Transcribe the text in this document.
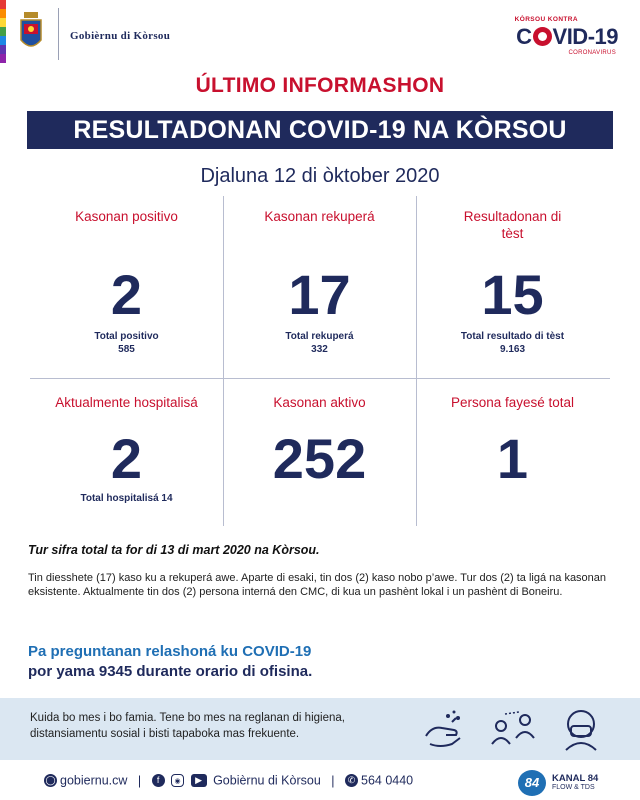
Gobièrnu di Kòrsou
KÒRSOU KONTRA
C VID-19
CORONAVIRUS
ÚLTIMO INFORMASHON
RESULTADONAN COVID-19 NA KÒRSOU
Djaluna 12 di òktober 2020
Kasonan positivo
2
Total positivo
585
Kasonan rekuperá
17
Total rekuperá
332
Resultadonan di tèst
15
Total resultado di tèst
9.163
Aktualmente hospitalisá
2
Total hospitalisá 14
Kasonan aktivo
252
Persona fayesé total
1
Tur sifra total ta for di 13 di mart 2020 na Kòrsou.
Tin diesshete (17) kaso ku a rekuperá awe. Aparte di esaki, tin dos (2) kaso nobo p’awe. Tur dos (2) ta ligá na kasonan eksistente. Aktualmente tin dos (2) persona interná den CMC, di kua un pashènt lokal i un pashènt di Boneiru.
Pa preguntanan relashoná ku COVID-19
por yama 9345 durante orario di ofisina.
Kuida bo mes i bo famia. Tene bo mes na reglanan di higiena, distansiamentu sosial i bisti tapaboka mas frekuente.
◯ gobiernu.cw | f ◉ ▶ Gobièrnu di Kòrsou | ✆ 564 0440	84	KANAL 84
FLOW & TDS
